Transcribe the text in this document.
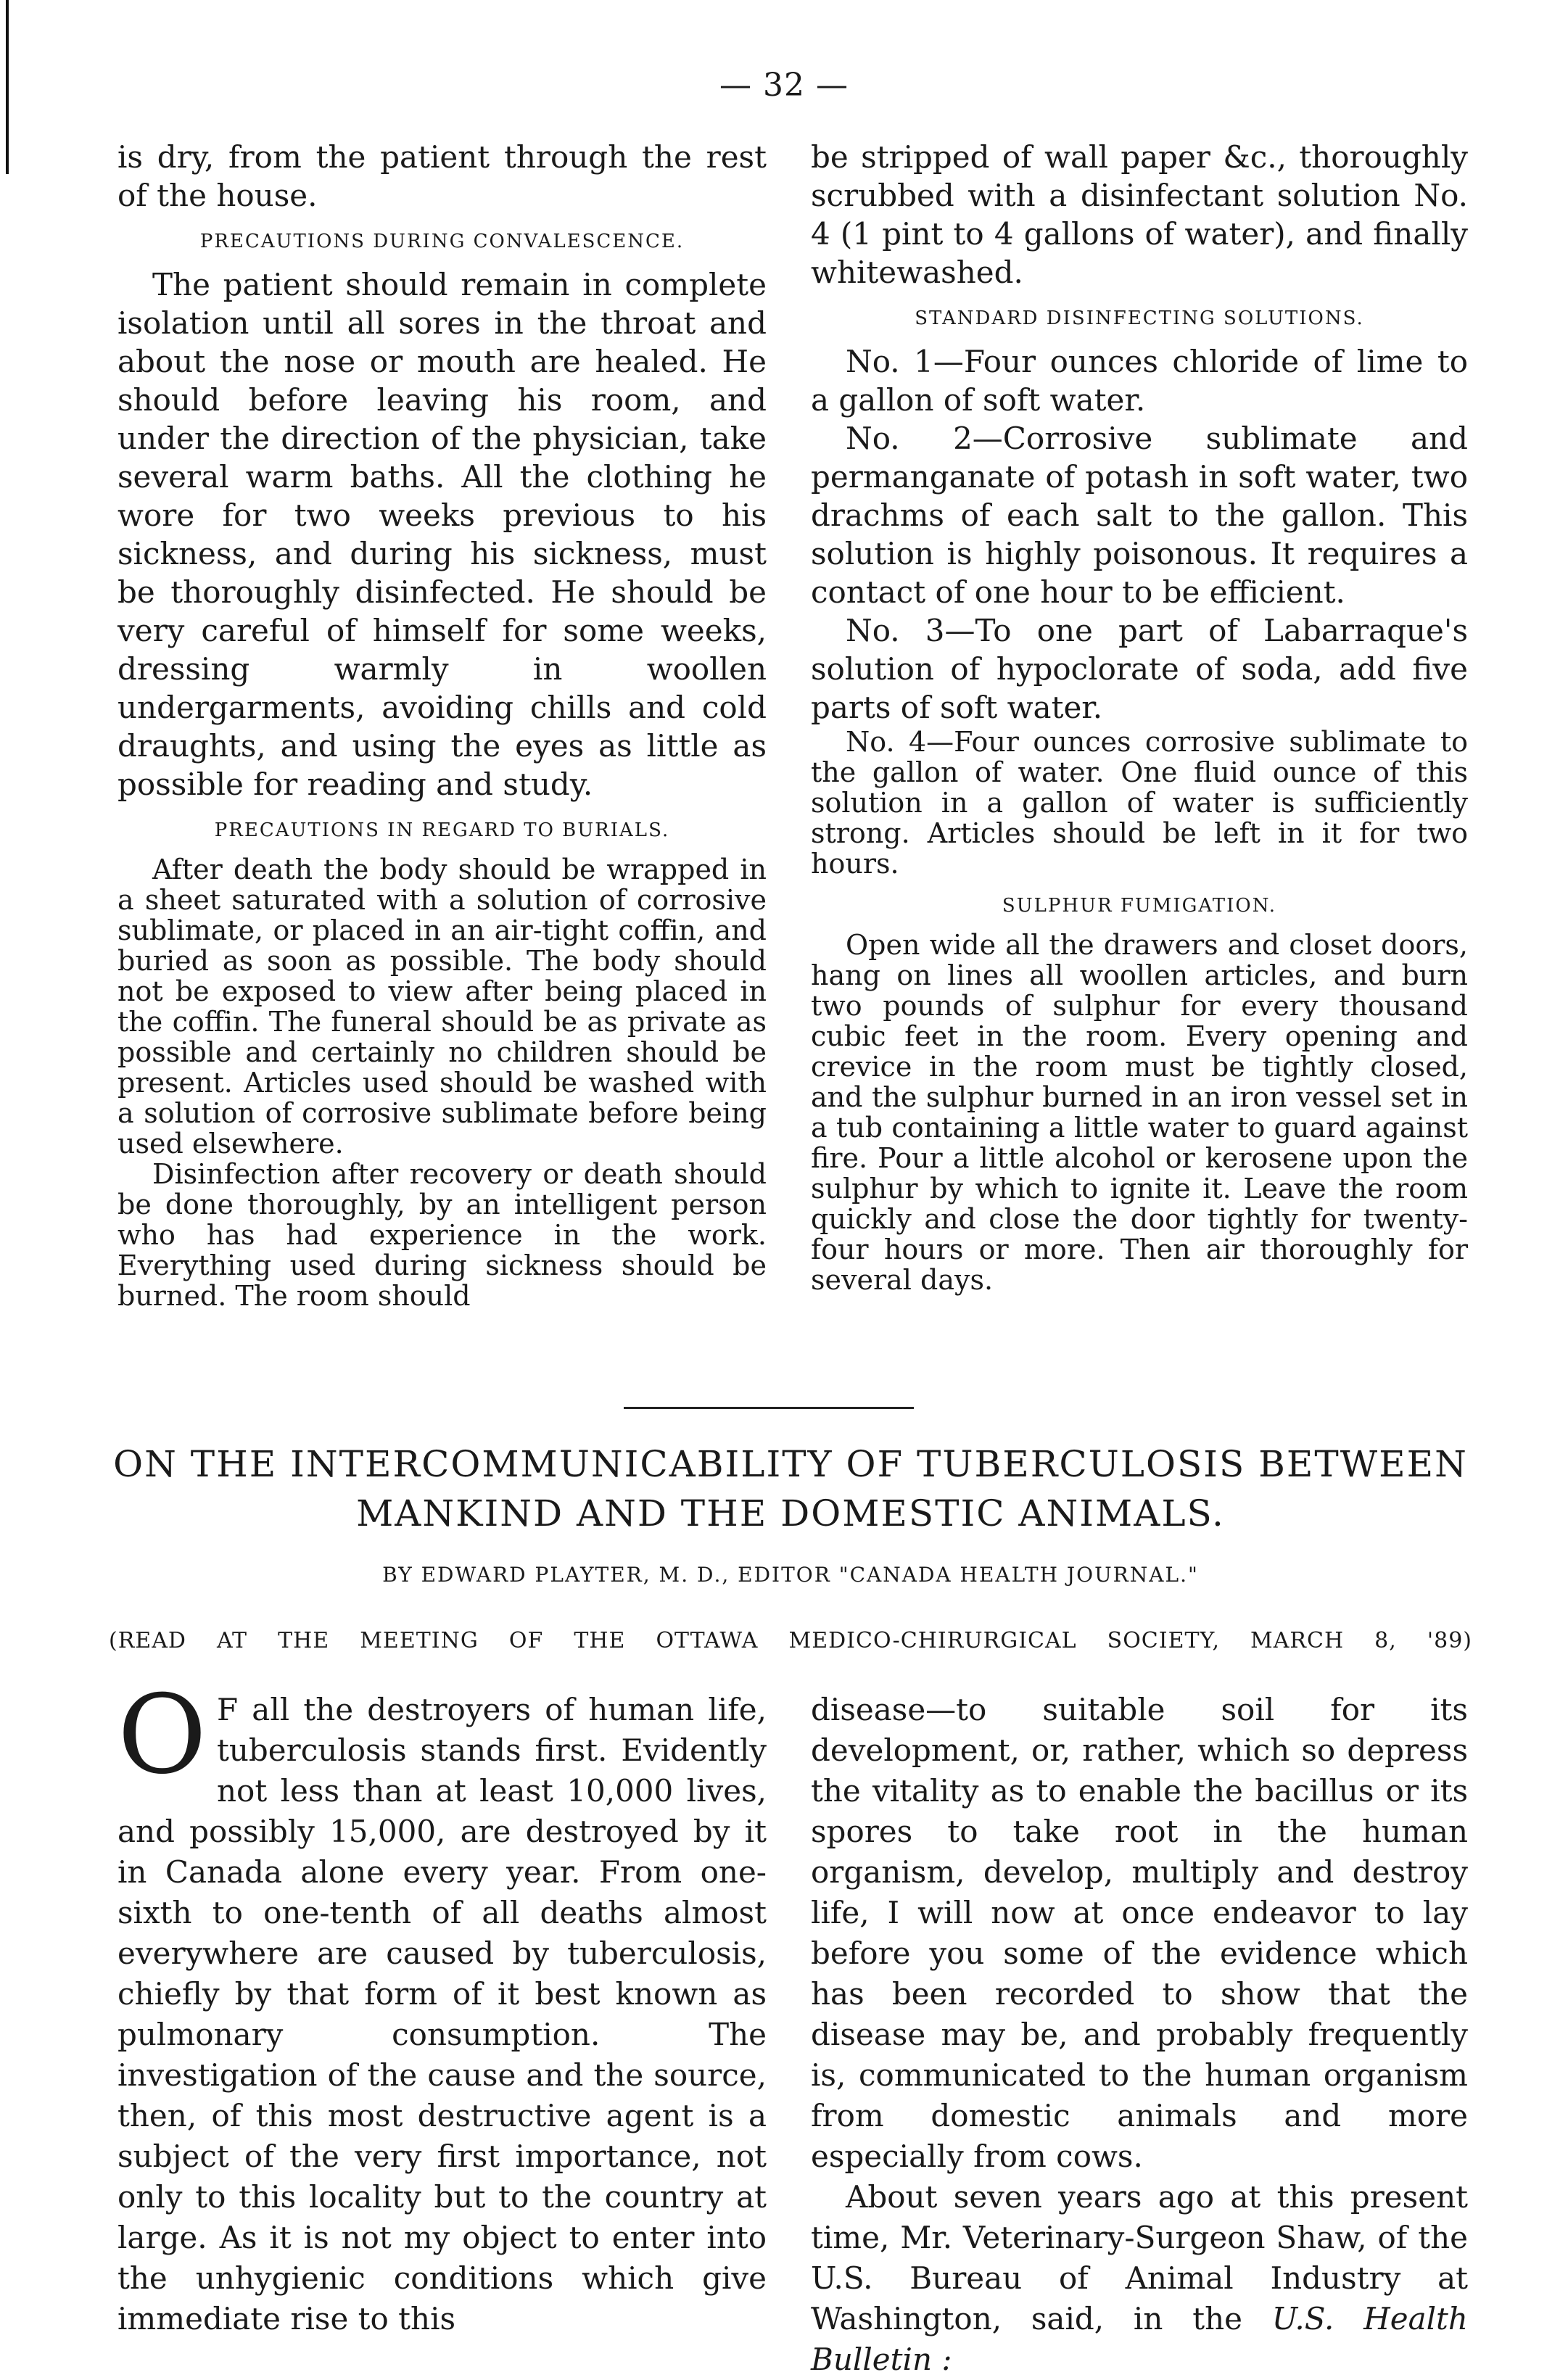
— 32 —

is dry, from the patient through the rest of the house.

PRECAUTIONS DURING CONVALESCENCE.

The patient should remain in complete isolation until all sores in the throat and about the nose or mouth are healed. He should before leaving his room, and under the direction of the physician, take several warm baths. All the clothing he wore for two weeks previous to his sickness, and during his sickness, must be thoroughly disinfected. He should be very careful of himself for some weeks, dressing warmly in woollen undergarments, avoiding chills and cold draughts, and using the eyes as little as possible for reading and study.

PRECAUTIONS IN REGARD TO BURIALS.

After death the body should be wrapped in a sheet saturated with a solution of corrosive sublimate, or placed in an air-tight coffin, and buried as soon as possible. The body should not be exposed to view after being placed in the coffin. The funeral should be as private as possible and certainly no children should be present. Articles used should be washed with a solution of corrosive sublimate before being used elsewhere.

Disinfection after recovery or death should be done thoroughly, by an intelligent person who has had experience in the work. Everything used during sickness should be burned. The room should

be stripped of wall paper &c., thoroughly scrubbed with a disinfectant solution No. 4 (1 pint to 4 gallons of water), and finally whitewashed.

STANDARD DISINFECTING SOLUTIONS.

No. 1—Four ounces chloride of lime to a gallon of soft water.

No. 2—Corrosive sublimate and permanganate of potash in soft water, two drachms of each salt to the gallon. This solution is highly poisonous. It requires a contact of one hour to be efficient.

No. 3—To one part of Labarraque's solution of hypoclorate of soda, add five parts of soft water.

No. 4—Four ounces corrosive sublimate to the gallon of water. One fluid ounce of this solution in a gallon of water is sufficiently strong. Articles should be left in it for two hours.

SULPHUR FUMIGATION.

Open wide all the drawers and closet doors, hang on lines all woollen articles, and burn two pounds of sulphur for every thousand cubic feet in the room. Every opening and crevice in the room must be tightly closed, and the sulphur burned in an iron vessel set in a tub containing a little water to guard against fire. Pour a little alcohol or kerosene upon the sulphur by which to ignite it. Leave the room quickly and close the door tightly for twenty-four hours or more. Then air thoroughly for several days.

ON THE INTERCOMMUNICABILITY OF TUBERCULOSIS BETWEEN
MANKIND AND THE DOMESTIC ANIMALS.
BY EDWARD PLAYTER, M. D., EDITOR "CANADA HEALTH JOURNAL."
(READ AT THE MEETING OF THE OTTAWA MEDICO-CHIRURGICAL SOCIETY, MARCH 8, '89)

O F all the destroyers of human life, tuberculosis stands first. Evidently not less than at least 10,000 lives, and possibly 15,000, are destroyed by it in Canada alone every year. From one-sixth to one-tenth of all deaths almost everywhere are caused by tuberculosis, chiefly by that form of it best known as pulmonary consumption. The investigation of the cause and the source, then, of this most destructive agent is a subject of the very first importance, not only to this locality but to the country at large. As it is not my object to enter into the unhygienic conditions which give immediate rise to this

disease—to suitable soil for its development, or, rather, which so depress the vitality as to enable the bacillus or its spores to take root in the human organism, develop, multiply and destroy life, I will now at once endeavor to lay before you some of the evidence which has been recorded to show that the disease may be, and probably frequently is, communicated to the human organism from domestic animals and more especially from cows.

About seven years ago at this present time, Mr. Veterinary-Surgeon Shaw, of the U.S. Bureau of Animal Industry at Washington, said, in the U.S. Health Bulletin :
